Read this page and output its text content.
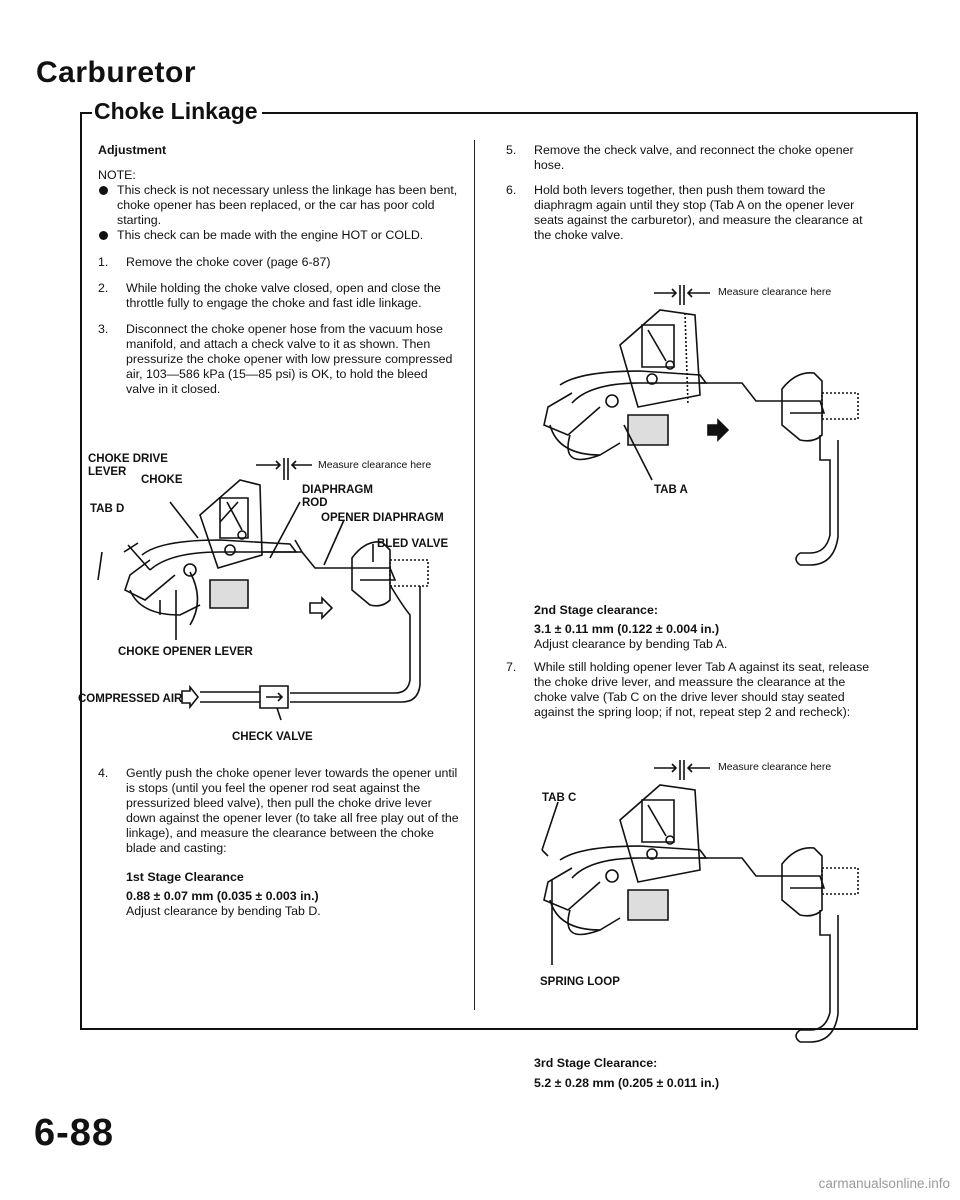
Carburetor
Choke Linkage
Adjustment
NOTE:
This check is not necessary unless the linkage has been bent, choke opener has been replaced, or the car has poor cold starting.
This check can be made with the engine HOT or COLD.
1.	Remove the choke cover (page 6-87)
2.	While holding the choke valve closed, open and close the throttle fully to engage the choke and fast idle linkage.
3.	Disconnect the choke opener hose from the vacuum hose manifold, and attach a check valve to it as shown. Then pressurize the choke opener with low pressure compressed air, 103—586 kPa (15—85 psi) is OK, to hold the bleed valve in it closed.
CHOKE DRIVE
LEVER
CHOKE
Measure clearance here
DIAPHRAGM
ROD
TAB D
OPENER DIAPHRAGM
BLED VALVE
CHOKE OPENER LEVER
COMPRESSED AIR
CHECK VALVE
4.	Gently push the choke opener lever towards the opener until is stops (until you feel the opener rod seat against the pressurized bleed valve), then pull the choke drive lever down against the opener lever (to take all free play out of the linkage), and measure the clearance between the choke blade and casting:
1st Stage Clearance
0.88 ± 0.07 mm (0.035 ± 0.003 in.)
Adjust clearance by bending Tab D.
5.	Remove the check valve, and reconnect the choke opener hose.
6.	Hold both levers together, then push them toward the diaphragm again until they stop (Tab A on the opener lever seats against the carburetor), and measure the clearance at the choke valve.
Measure clearance here
TAB A
2nd Stage clearance:
3.1 ± 0.11 mm (0.122 ± 0.004 in.)
Adjust clearance by bending Tab A.
7.	While still holding opener lever Tab A against its seat, release the choke drive lever, and meassure the clearance at the choke valve (Tab C on the drive lever should stay seated against the spring loop; if not, repeat step 2 and recheck):
Measure clearance here
TAB C
SPRING LOOP
3rd Stage Clearance:
5.2 ± 0.28 mm (0.205 ± 0.011 in.)
6-88
carmanualsonline.info
